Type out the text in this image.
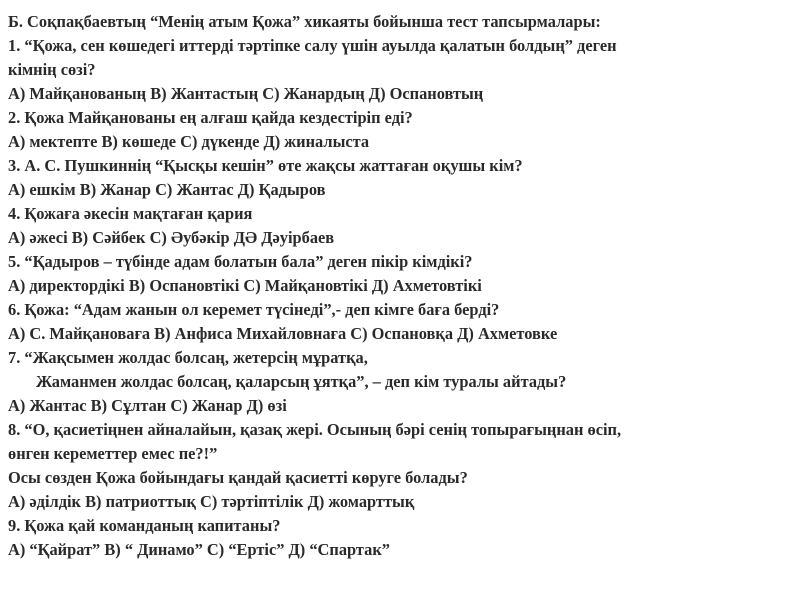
Б. Соқпақбаевтың “Менің атым Қожа” хикаяты бойынша тест тапсырмалары:
1. “Қожа, сен көшедегі иттерді тәртіпке салу үшін ауылда қалатын болдың” деген
кімнің сөзі?
А) Майқанованың В) Жантастың С) Жанардың Д) Оспановтың
2. Қожа Майқанованы ең алғаш қайда кездестіріп еді?
А) мектепте В) көшеде С) дүкенде Д) жиналыста
3. А. С. Пушкиннің “Қысқы кешін” өте жақсы жаттаған оқушы кім?
А) ешкім В) Жанар С) Жантас Д) Қадыров
4. Қожаға әкесін мақтаған қария
А) әжесі В) Сәйбек С) Әубәкір ДӘ Дәуірбаев
5. “Қадыров – түбінде адам болатын бала” деген пікір кімдікі?
А) директордікі В) Оспановтікі С) Майқановтікі Д) Ахметовтікі
6. Қожа: “Адам жанын ол керемет түсінеді”,- деп кімге баға берді?
А) С. Майқановаға В) Анфиса Михайловнаға С) Оспановқа Д) Ахметовке
7. “Жақсымен жолдас болсаң, жетерсің мұратқа,
Жаманмен жолдас болсаң, қаларсың ұятқа”, – деп кім туралы айтады?
А) Жантас В) Сұлтан С) Жанар Д) өзі
8. “О, қасиетіңнен айналайын, қазақ жері. Осының бәрі сенің топырағыңнан өсіп,
өнген кереметтер емес пе?!”
Осы сөзден Қожа бойындағы қандай қасиетті көруге болады?
А) әділдік В) патриоттық С) тәртіптілік Д) жомарттық
9. Қожа қай команданың капитаны?
А) “Қайрат” В) “ Динамо” С) “Ертіс” Д) “Спартак”
